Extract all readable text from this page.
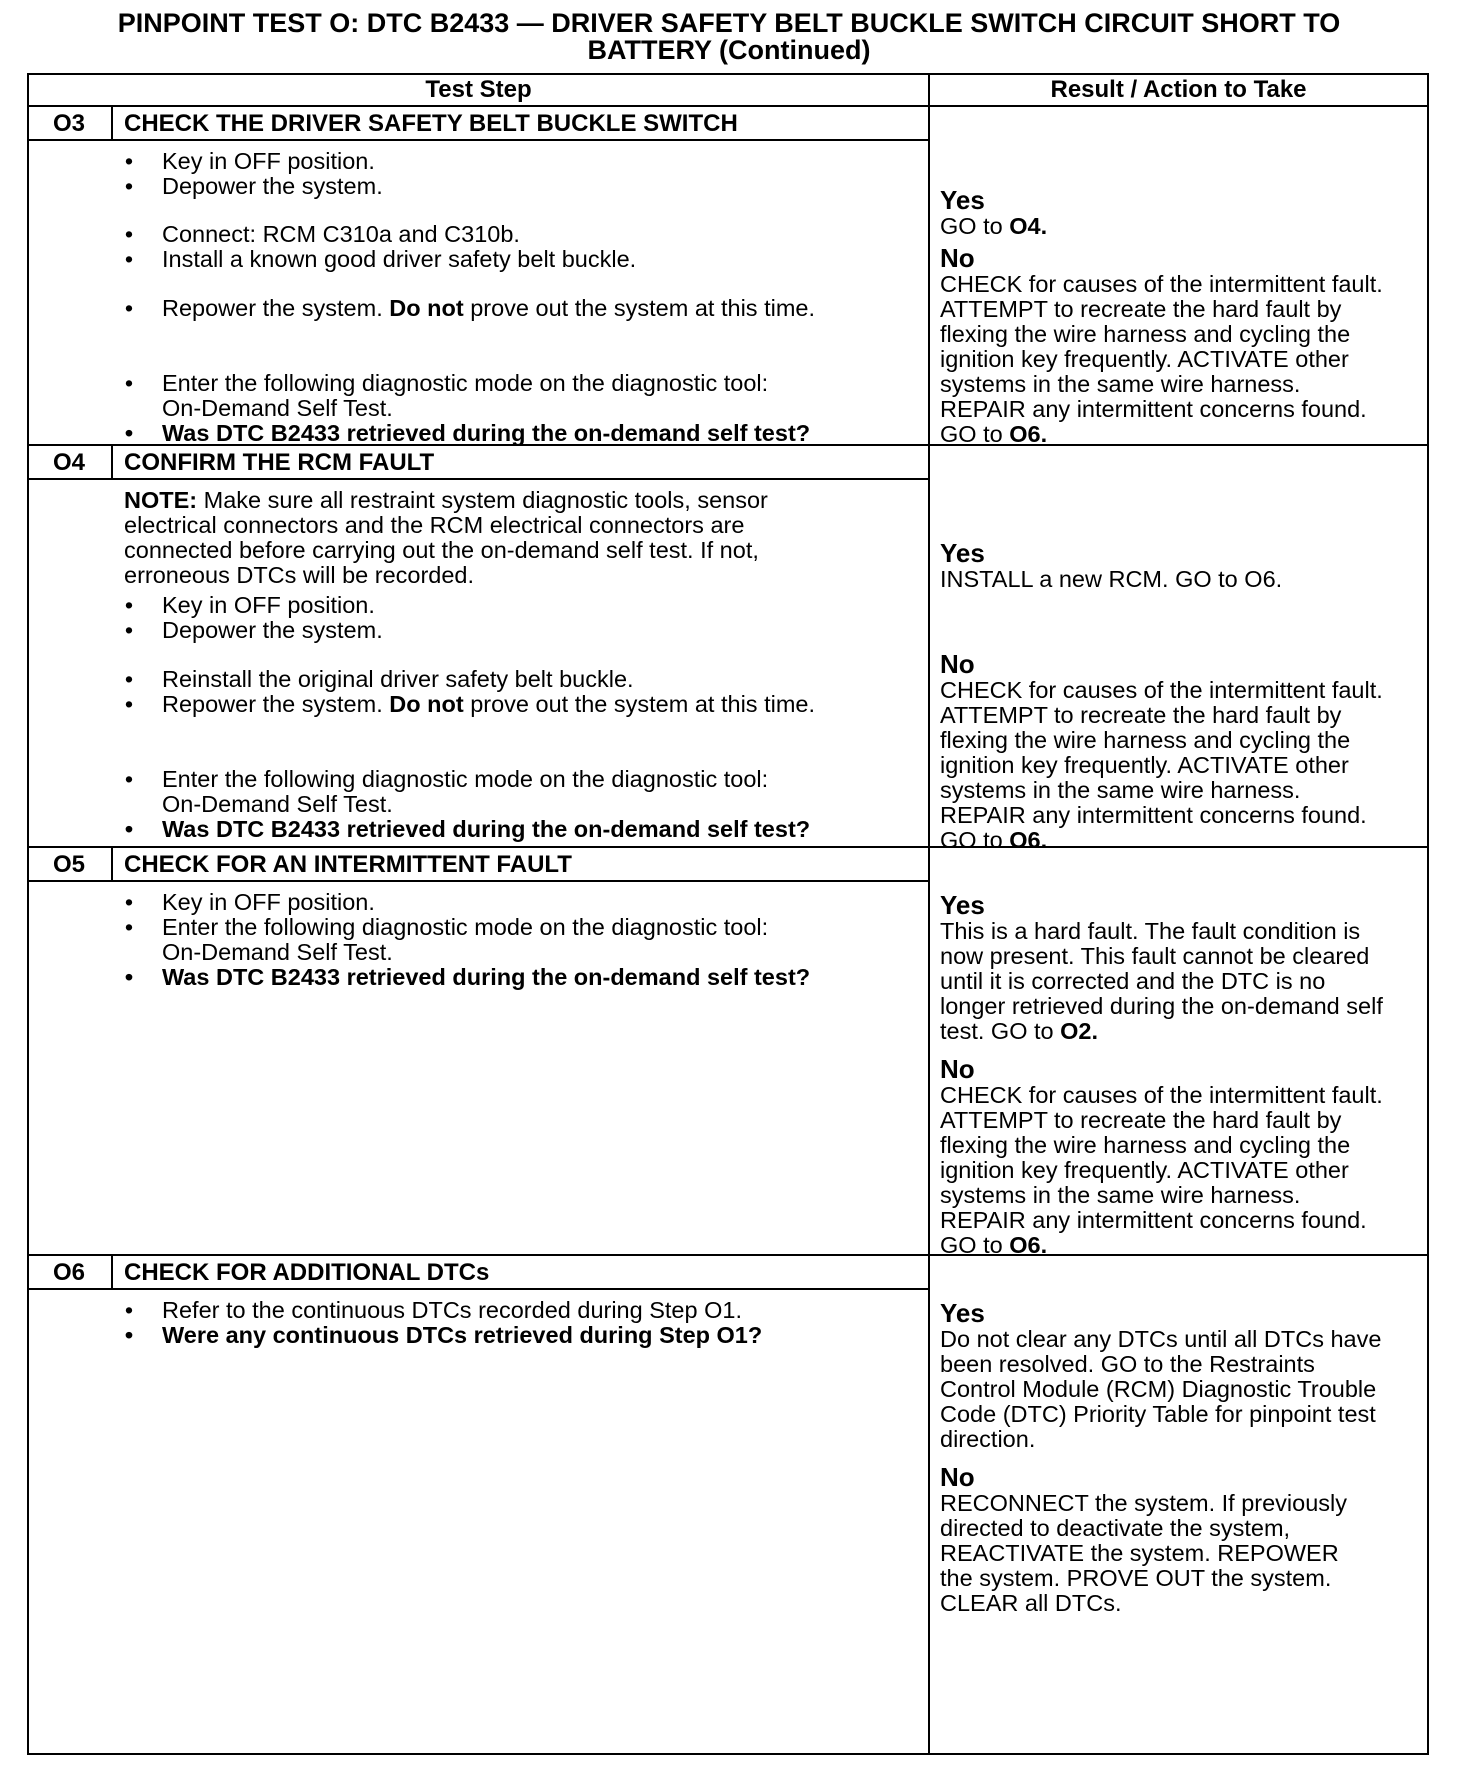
PINPOINT TEST O: DTC B2433 — DRIVER SAFETY BELT BUCKLE SWITCH CIRCUIT SHORT TO
BATTERY (Continued)
Test Step	Result / Action to Take
O3	CHECK THE DRIVER SAFETY BELT BUCKLE SWITCH
• Key in OFF position.
• Depower the system.
• Connect: RCM C310a and C310b.
• Install a known good driver safety belt buckle.
• Repower the system. Do not prove out the system at this time.
• Enter the following diagnostic mode on the diagnostic tool:
On-Demand Self Test.
• Was DTC B2433 retrieved during the on-demand self test?
Yes
GO to O4.
No
CHECK for causes of the intermittent fault.
ATTEMPT to recreate the hard fault by
flexing the wire harness and cycling the
ignition key frequently. ACTIVATE other
systems in the same wire harness.
REPAIR any intermittent concerns found.
GO to O6.
O4	CONFIRM THE RCM FAULT
NOTE: Make sure all restraint system diagnostic tools, sensor
electrical connectors and the RCM electrical connectors are
connected before carrying out the on-demand self test. If not,
erroneous DTCs will be recorded.
• Key in OFF position.
• Depower the system.
• Reinstall the original driver safety belt buckle.
• Repower the system. Do not prove out the system at this time.
• Enter the following diagnostic mode on the diagnostic tool:
On-Demand Self Test.
• Was DTC B2433 retrieved during the on-demand self test?
Yes
INSTALL a new RCM. GO to O6.
No
CHECK for causes of the intermittent fault.
ATTEMPT to recreate the hard fault by
flexing the wire harness and cycling the
ignition key frequently. ACTIVATE other
systems in the same wire harness.
REPAIR any intermittent concerns found.
GO to O6.
O5	CHECK FOR AN INTERMITTENT FAULT
• Key in OFF position.
• Enter the following diagnostic mode on the diagnostic tool:
On-Demand Self Test.
• Was DTC B2433 retrieved during the on-demand self test?
Yes
This is a hard fault. The fault condition is
now present. This fault cannot be cleared
until it is corrected and the DTC is no
longer retrieved during the on-demand self
test. GO to O2.
No
CHECK for causes of the intermittent fault.
ATTEMPT to recreate the hard fault by
flexing the wire harness and cycling the
ignition key frequently. ACTIVATE other
systems in the same wire harness.
REPAIR any intermittent concerns found.
GO to O6.
O6	CHECK FOR ADDITIONAL DTCs
• Refer to the continuous DTCs recorded during Step O1.
• Were any continuous DTCs retrieved during Step O1?
Yes
Do not clear any DTCs until all DTCs have
been resolved. GO to the Restraints
Control Module (RCM) Diagnostic Trouble
Code (DTC) Priority Table for pinpoint test
direction.
No
RECONNECT the system. If previously
directed to deactivate the system,
REACTIVATE the system. REPOWER
the system. PROVE OUT the system.
CLEAR all DTCs.
